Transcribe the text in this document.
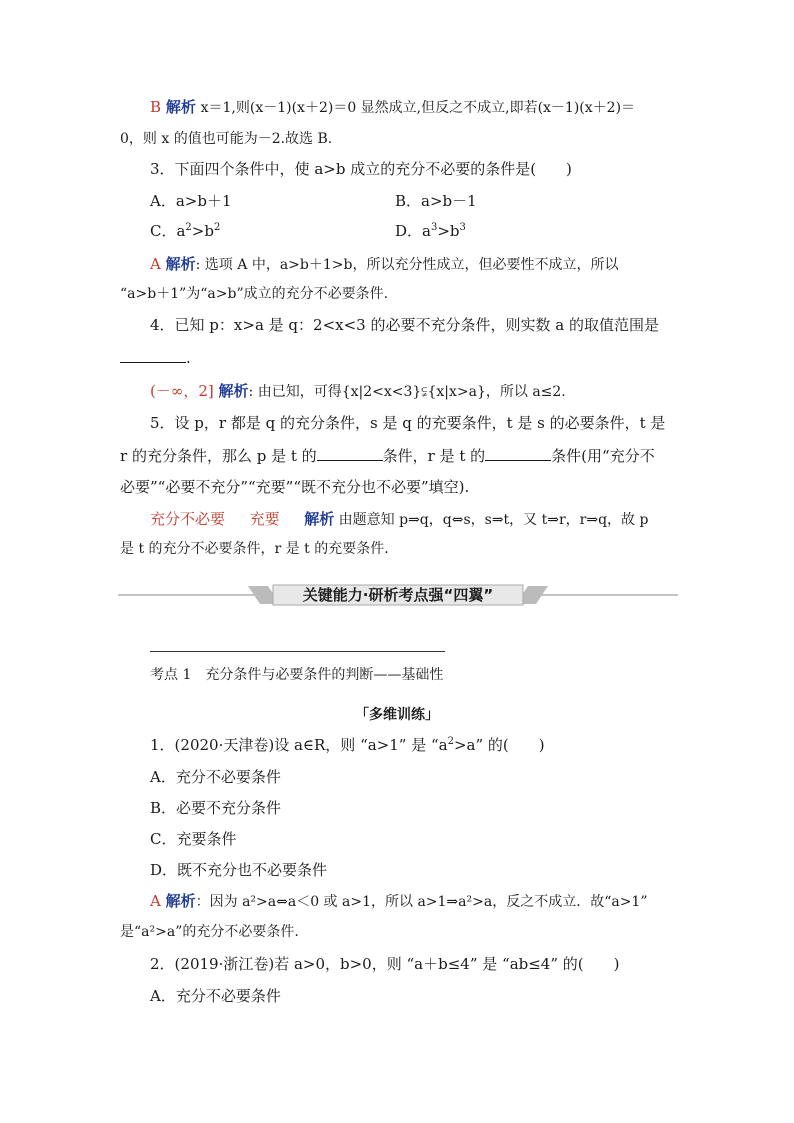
B 解析 x＝1,则(x－1)(x＋2)＝0 显然成立,但反之不成立,即若(x－1)(x＋2)＝
0，则 x 的值也可能为－2.故选 B.
3．下面四个条件中，使 a>b 成立的充分不必要的条件是(　　)
A．a>b＋1	B．a>b－1
C．$a^2>b^2$	D．$a^3>b^3$
A 解析: 选项 A 中，a>b＋1>b，所以充分性成立，但必要性不成立，所以
“a>b＋1”为“a>b”成立的充分不必要条件.
4．已知 p：x>a 是 q：2<x<3 的必要不充分条件，则实数 a 的取值范围是
.
(－∞，2] 解析: 由已知，可得{x|2<x<3}⫋{x|x>a}，所以 a≤2.
5．设 p，r 都是 q 的充分条件，s 是 q 的充要条件，t 是 s 的必要条件，t 是
r 的充分条件，那么 p 是 t 的	条件，r 是 t 的	条件(用“充分不
必要”“必要不充分”“充要”“既不充分也不必要”填空).
充分不必要 　 充要 　 解析 由题意知 p⇒q，q⇔s，s⇒t，又 t⇒r，r⇒q，故 p
是 t 的充分不必要条件，r 是 t 的充要条件.
关键能力·研析考点强“四翼”
考点 1　充分条件与必要条件的判断——基础性
「多维训练」
1．(2020·天津卷)设 a∈R，则 “a>1” 是 “$a^2>a$” 的(　　)
A．充分不必要条件
B．必要不充分条件
C．充要条件
D．既不充分也不必要条件
A 解析：因为 a²>a⇔a＜0 或 a>1，所以 a>1⇒a²>a，反之不成立．故“a>1”
是“a²>a”的充分不必要条件.
2．(2019·浙江卷)若 a>0，b>0，则 “a＋b≤4” 是 “ab≤4” 的(　　)
A．充分不必要条件
